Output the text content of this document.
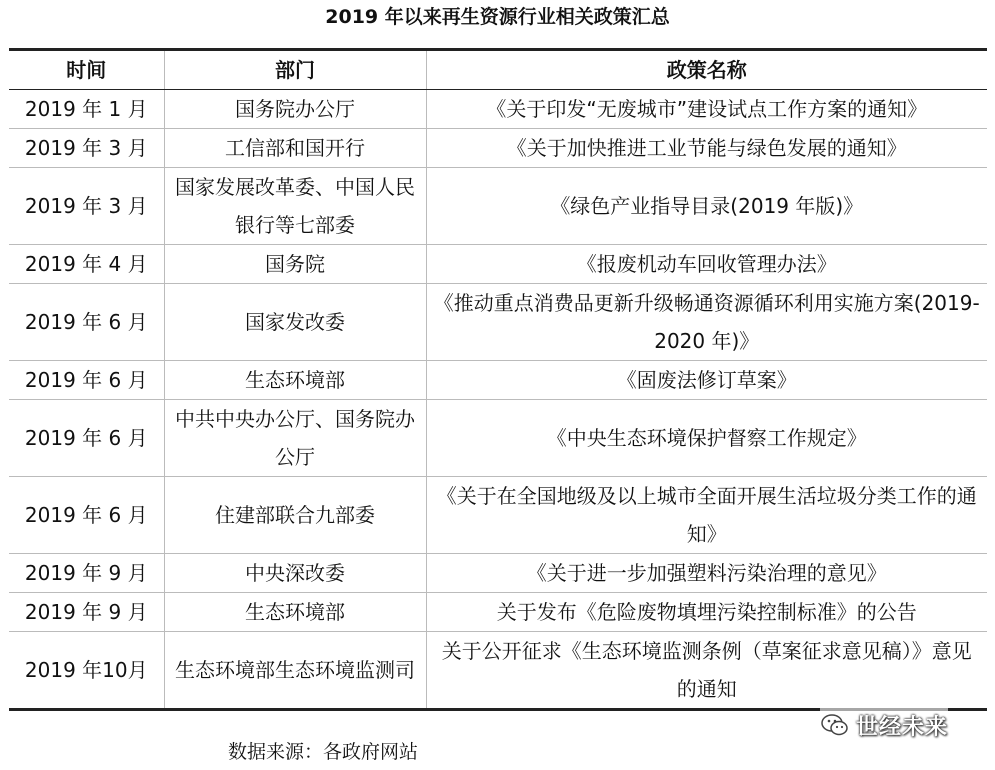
2019 年以来再生资源行业相关政策汇总
时间	部门	政策名称
2019 年 1 月	国务院办公厅	《关于印发“无废城市”建设试点工作方案的通知》
2019 年 3 月	工信部和国开行	《关于加快推进工业节能与绿色发展的通知》
2019 年 3 月	国家发展改革委、中国人民银行等七部委	《绿色产业指导目录(2019 年版)》
2019 年 4 月	国务院	《报废机动车回收管理办法》
2019 年 6 月	国家发改委	《推动重点消费品更新升级畅通资源循环利用实施方案(2019-2020 年)》
2019 年 6 月	生态环境部	《固废法修订草案》
2019 年 6 月	中共中央办公厅、国务院办公厅	《中央生态环境保护督察工作规定》
2019 年 6 月	住建部联合九部委	《关于在全国地级及以上城市全面开展生活垃圾分类工作的通知》
2019 年 9 月	中央深改委	《关于进一步加强塑料污染治理的意见》
2019 年 9 月	生态环境部	关于发布《危险废物填埋污染控制标准》的公告
2019 年10月	生态环境部生态环境监测司	关于公开征求《生态环境监测条例（草案征求意见稿）》意见的通知
数据来源：各政府网站
世经未来
